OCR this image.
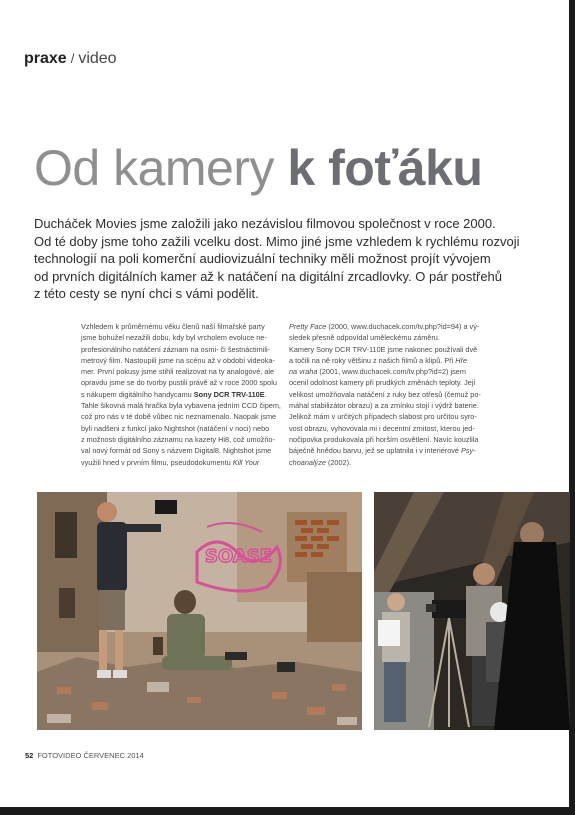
praxe / video
Od kamery k foťáku

Ducháček Movies jsme založili jako nezávislou filmovou společnost v roce 2000.

Od té doby jsme toho zažili vcelku dost. Mimo jiné jsme vzhledem k rychlému rozvoji

technologií na poli komerční audiovizuální techniky měli možnost projít vývojem

od prvních digitálních kamer až k natáčení na digitální zrcadlovky. O pár postřehů

z této cesty se nyní chci s vámi podělit.

Vzhledem k průměrnému věku členů naší filmařské party

jsme bohužel nezažili dobu, kdy byl vrcholem evoluce ne-

profesionálního natáčení záznam na osmi- či šestnáctimili-

metrový film. Nastoupili jsme na scénu až v období videoka-

mer. První pokusy jsme stihli realizovat na ty analogové, ale

opravdu jsme se do tvorby pustili právě až v roce 2000 spolu

s nákupem digitálního handycamu Sony DCR TRV-110E.

Tahle šikovná malá hračka byla vybavena jedním CCD čipem,

což pro nás v té době vůbec nic neznamenalo. Naopak jsme

byli nadšeni z funkcí jako Nightshot (natáčení v noci) nebo

z možnosti digitálního záznamu na kazety Hi8, což umožňo-

val nový formát od Sony s názvem Digital8. Nightshot jsme

využili hned v prvním filmu, pseudodokumentu Kill Your

Pretty Face (2000, www.duchacek.com/tv.php?id=94) a vý-

sledek přesně odpovídal uměleckému záměru.

Kamery Sony DCR TRV-110E jsme nakonec používali dvě

a točili na ně roky většinu z našich filmů a klipů. Při Hře

na vraha (2001, www.duchacek.com/tv.php?id=2) jsem

ocenil odolnost kamery při prudkých změnách teploty. Její

velikost umožňovala natáčení z ruky bez otřesů (čemuž po-

máhal stabilizátor obrazu) a za zmínku stojí i výdrž baterie.

Jelikož mám v určitých případech slabost pro určitou syro-

vost obrazu, vyhovovala mi i decentní zrnitost, kterou jed-

nočipovka produkovala při horším osvětlení. Navíc kouzlila

báječně hnědou barvu, jež se uplatnila i v interiérové Psy-

choanalýze (2002).

SOASE
52 FOTOVIDEO ČERVENEC 2014
